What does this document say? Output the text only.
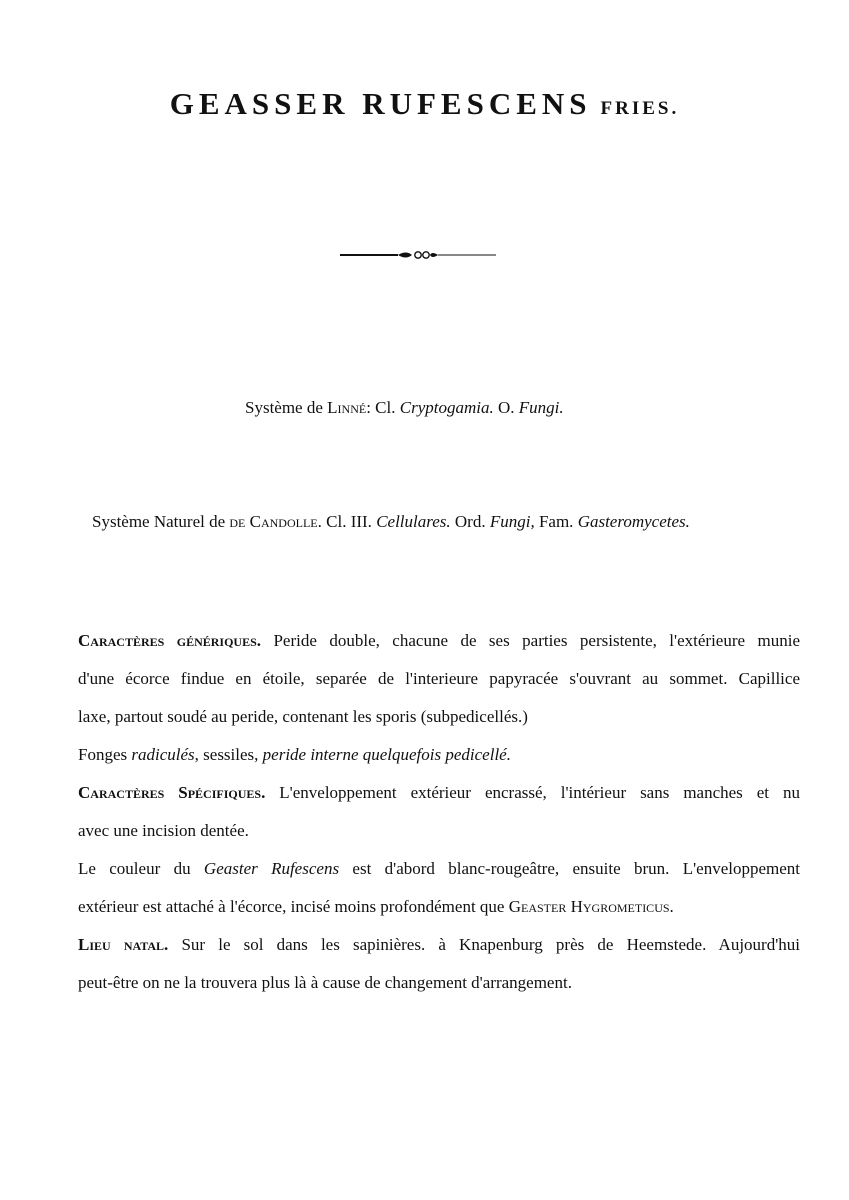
GEASSER RUFESCENS FRIES.
Système de Linné: Cl. Cryptogamia. O. Fungi.
Système Naturel de de Candolle. Cl. III. Cellulares. Ord. Fungi, Fam. Gasteromycetes.
Caractères génériques. Peride double, chacune de ses parties persistente, l'extérieure munie
d'une écorce findue en étoile, separée de l'interieure papyracée s'ouvrant au sommet. Capillice
laxe, partout soudé au peride, contenant les sporis (subpedicellés.)
Fonges radiculés, sessiles, peride interne quelquefois pedicellé.
Caractères Spécifiques. L'enveloppement extérieur encrassé, l'intérieur sans manches et nu
avec une incision dentée.
Le couleur du Geaster Rufescens est d'abord blanc-rougeâtre, ensuite brun. L'enveloppement
extérieur est attaché à l'écorce, incisé moins profondément que Geaster Hygrometicus.
Lieu natal. Sur le sol dans les sapinières. à Knapenburg près de Heemstede. Aujourd'hui
peut-être on ne la trouvera plus là à cause de changement d'arrangement.
